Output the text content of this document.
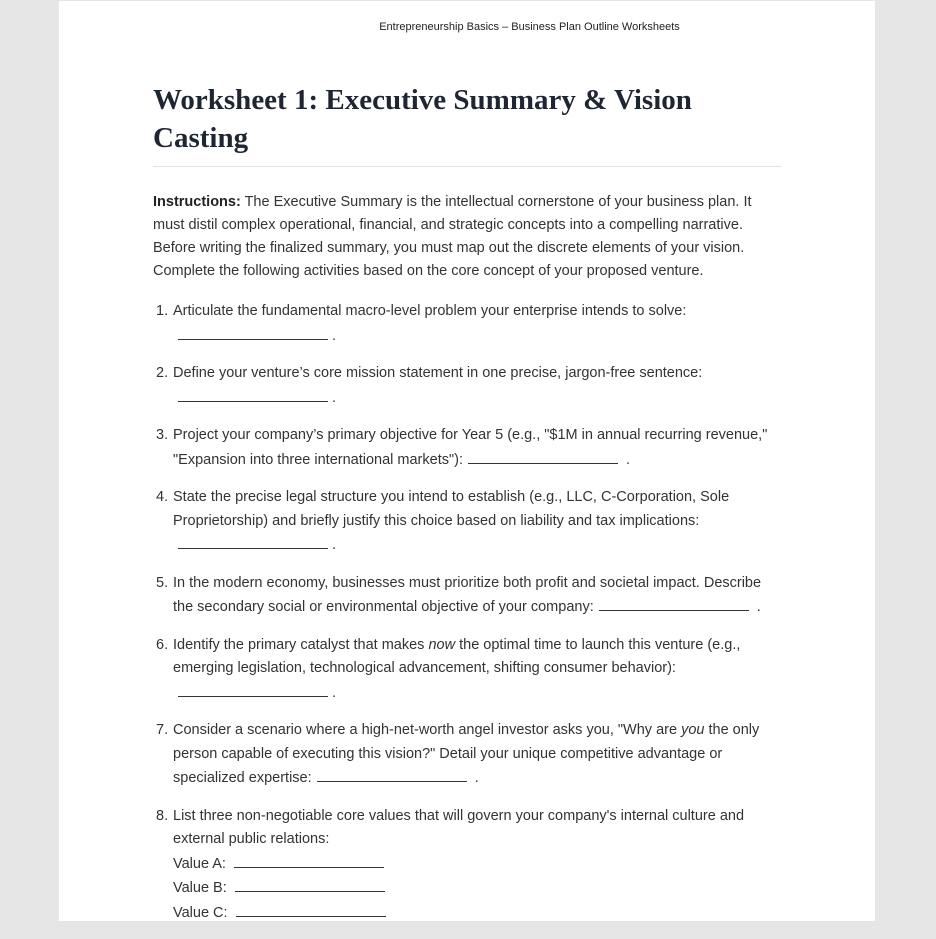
Entrepreneurship Basics – Business Plan Outline Worksheets
Worksheet 1: Executive Summary & Vision Casting

Instructions: The Executive Summary is the intellectual cornerstone of your business plan. It must distil complex operational, financial, and strategic concepts into a compelling narrative. Before writing the finalized summary, you must map out the discrete elements of your vision. Complete the following activities based on the core concept of your proposed venture.

1. Articulate the fundamental macro-level problem your enterprise intends to solve:
.
2. Define your venture’s core mission statement in one precise, jargon-free sentence:
.
3. Project your company’s primary objective for Year 5 (e.g., "$1M in annual recurring revenue," "Expansion into three international markets"):	.
4. State the precise legal structure you intend to establish (e.g., LLC, C-Corporation, Sole Proprietorship) and briefly justify this choice based on liability and tax implications:
.
5. In the modern economy, businesses must prioritize both profit and societal impact. Describe the secondary social or environmental objective of your company:	.
6. Identify the primary catalyst that makes now the optimal time to launch this venture (e.g., emerging legislation, technological advancement, shifting consumer behavior):
.
7. Consider a scenario where a high-net-worth angel investor asks you, "Why are you the only person capable of executing this vision?" Detail your unique competitive advantage or specialized expertise:	.
8. List three non-negotiable core values that will govern your company's internal culture and external public relations:
Value A:
Value B:
Value C:
